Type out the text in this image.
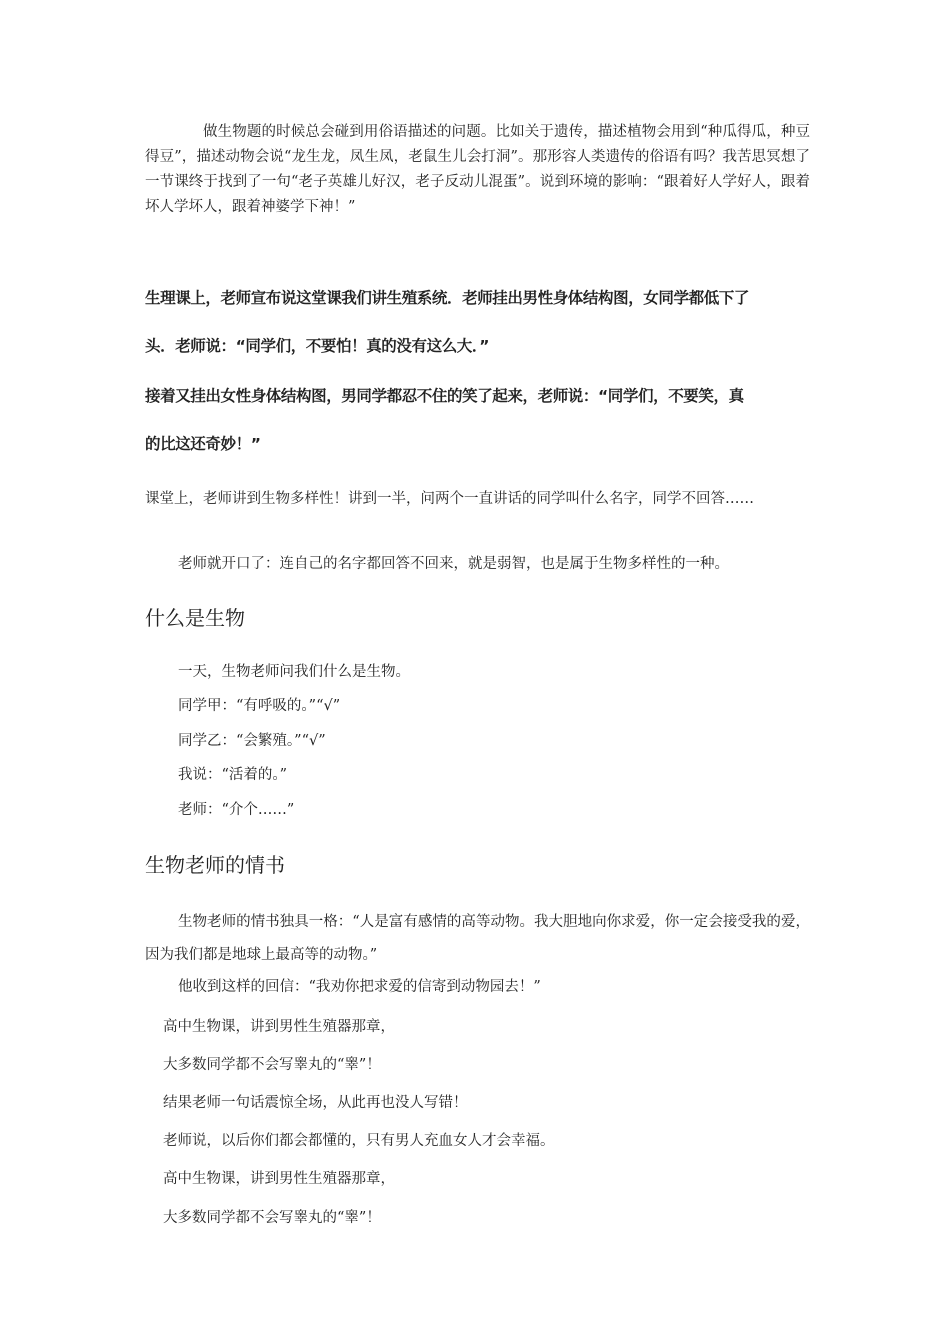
做生物题的时候总会碰到用俗语描述的问题。比如关于遗传，描述植物会用到“种瓜得瓜，种豆得豆”，描述动物会说“龙生龙，凤生凤，老鼠生儿会打洞”。那形容人类遗传的俗语有吗？我苦思冥想了一节课终于找到了一句“老子英雄儿好汉，老子反动儿混蛋”。说到环境的影响：“跟着好人学好人，跟着坏人学坏人，跟着神婆学下神！”
生理课上，老师宣布说这堂课我们讲生殖系统．老师挂出男性身体结构图，女同学都低下了
头．老师说：“同学们，不要怕！真的没有这么大．”
接着又挂出女性身体结构图，男同学都忍不住的笑了起来，老师说：“同学们，不要笑，真
的比这还奇妙！”
课堂上，老师讲到生物多样性！讲到一半，问两个一直讲话的同学叫什么名字，同学不回答……
老师就开口了：连自己的名字都回答不回来，就是弱智，也是属于生物多样性的一种。
什么是生物
一天，生物老师问我们什么是生物。
同学甲：“有呼吸的。”“√”
同学乙：“会繁殖。”“√”
我说：“活着的。”
老师：“介个……”
生物老师的情书
生物老师的情书独具一格：“人是富有感情的高等动物。我大胆地向你求爱，你一定会接受我的爱，因为我们都是地球上最高等的动物。”
他收到这样的回信：“我劝你把求爱的信寄到动物园去！”
高中生物课，讲到男性生殖器那章，
大多数同学都不会写睾丸的“睾”！
结果老师一句话震惊全场，从此再也没人写错！
老师说，以后你们都会都懂的，只有男人充血女人才会幸福。
高中生物课，讲到男性生殖器那章，
大多数同学都不会写睾丸的“睾”！
